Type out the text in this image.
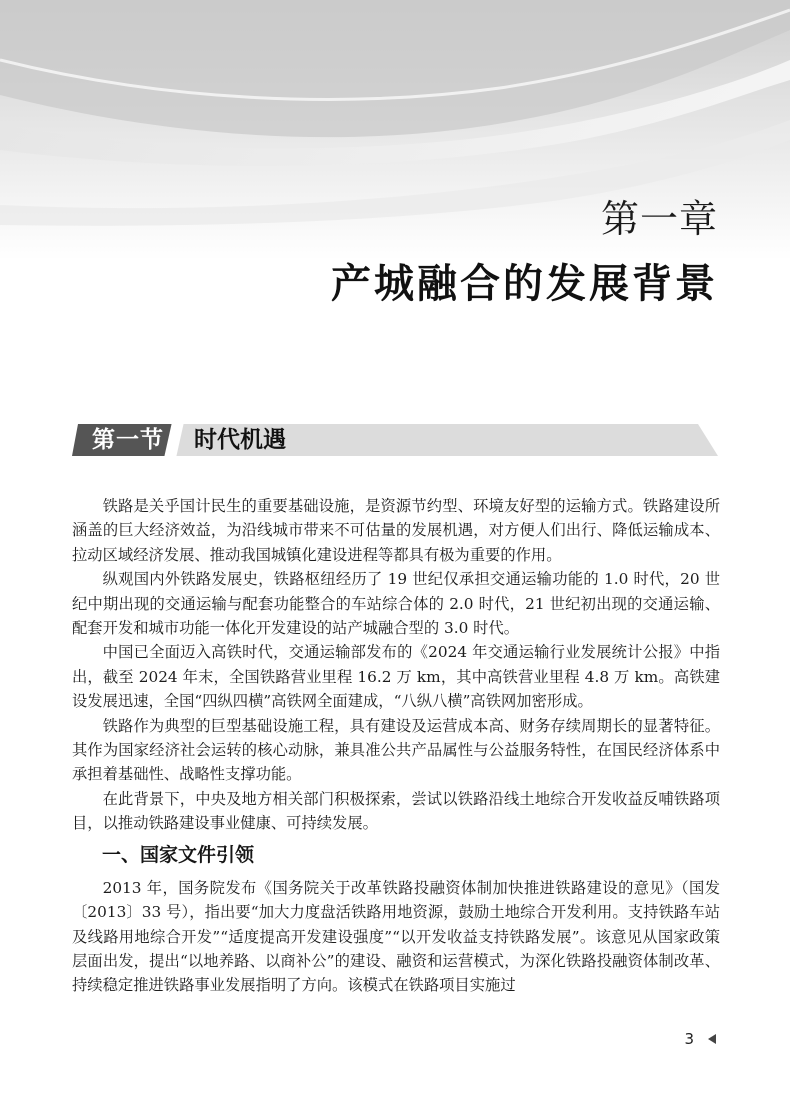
第一章
产城融合的发展背景
第一节	时代机遇

铁路是关乎国计民生的重要基础设施，是资源节约型、环境友好型的运输方式。铁路建设所涵盖的巨大经济效益，为沿线城市带来不可估量的发展机遇，对方便人们出行、降低运输成本、拉动区域经济发展、推动我国城镇化建设进程等都具有极为重要的作用。

纵观国内外铁路发展史，铁路枢纽经历了 19 世纪仅承担交通运输功能的 1.0 时代，20 世纪中期出现的交通运输与配套功能整合的车站综合体的 2.0 时代，21 世纪初出现的交通运输、配套开发和城市功能一体化开发建设的站产城融合型的 3.0 时代。

中国已全面迈入高铁时代，交通运输部发布的《2024 年交通运输行业发展统计公报》中指出，截至 2024 年末，全国铁路营业里程 16.2 万 km，其中高铁营业里程 4.8 万 km。高铁建设发展迅速，全国“四纵四横”高铁网全面建成，“八纵八横”高铁网加密形成。

铁路作为典型的巨型基础设施工程，具有建设及运营成本高、财务存续周期长的显著特征。其作为国家经济社会运转的核心动脉，兼具准公共产品属性与公益服务特性，在国民经济体系中承担着基础性、战略性支撑功能。

在此背景下，中央及地方相关部门积极探索，尝试以铁路沿线土地综合开发收益反哺铁路项目，以推动铁路建设事业健康、可持续发展。

一、国家文件引领

2013 年，国务院发布《国务院关于改革铁路投融资体制加快推进铁路建设的意见》（国发〔2013〕33 号），指出要“加大力度盘活铁路用地资源，鼓励土地综合开发利用。支持铁路车站及线路用地综合开发”“适度提高开发建设强度”“以开发收益支持铁路发展”。该意见从国家政策层面出发，提出“以地养路、以商补公”的建设、融资和运营模式，为深化铁路投融资体制改革、持续稳定推进铁路事业发展指明了方向。该模式在铁路项目实施过

3
